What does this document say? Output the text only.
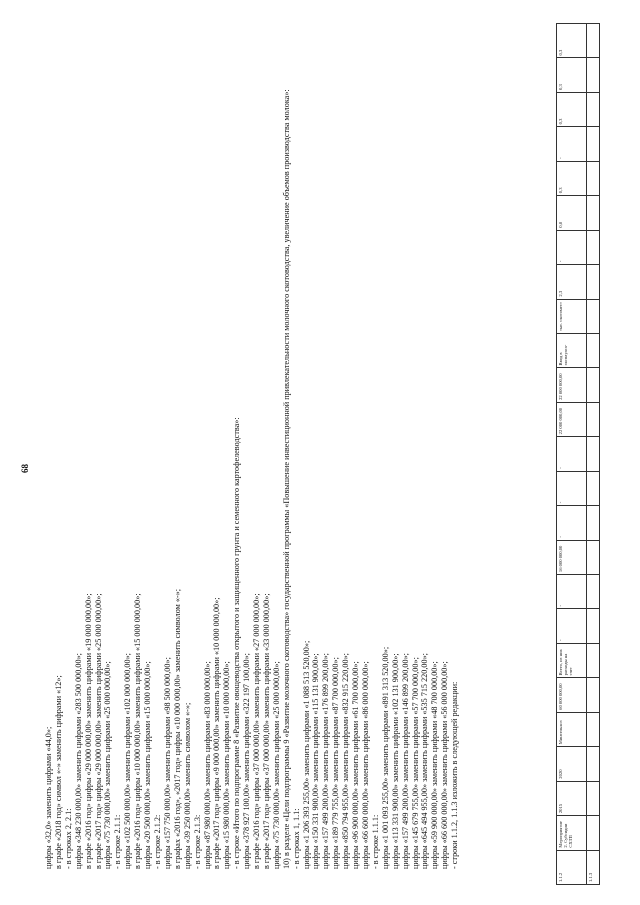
68
цифры «32,0» заменить цифрами «44,0»; в графе «2018 год» символ «-» заменить цифрами «12»; - в строках 2, 2.1: цифры «348 230 000,00» заменить цифрами «283 500 000,00»; в графе «2016 год» цифры «29 000 000,00» заменить цифрами «19 000 000,00»; в графе «2017 год» цифры «29 000 000,00» заменить цифрами «25 000 000,00»; цифры «75 730 000,00» заменить цифрами «25 000 000,00»; - в строке 2.1.1: цифры «102 500 000,00» заменить цифрами «102 000 000,00»; в графе «2016 год» цифры «10 000 000,00» заменить цифрами «15 000 000,00»; цифры «20 500 000,00» заменить цифрами «15 000 000,00»; - в строке 2.1.2: цифры «157 750 000,00» заменить цифрами «98 500 000,00»; в графах «2016 год», «2017 год» цифры «10 000 000,00» заменить символом «-»; цифры «39 250 000,00» заменить символом «-»; - в строке 2.1.3: цифры «87 980 000,00» заменить цифрами «83 000 000,00»; в графе «2017 год» цифры «9 000 000,00» заменить цифрами «10 000 000,00»; цифры «15 980 000,00» заменить цифрами «10 000 000,00»; - в строке «Итого по подпрограмме 8 «Развитие овощеводства открытого и защищенного грунта и семенного картофелеводства»: цифры «378 927 100,00» заменить цифрами «322 197 100,00»; в графе «2016 год» цифры «37 000 000,00» заменить цифрами «27 000 000,00»; в графе «2017 год» цифры «37 000 000,00» заменить цифрами «33 000 000,00»; цифры «75 730 000,00» заменить цифрами «25 000 000,00»; 10) в разделе «Цели подпрограммы 9 «Развитие молочного скотоводства» государственной программы «Повышение инвестиционной привлекательности молочного скотоводства, увеличение объемов производства молока»: - в строках 1, 1.1: цифры «1 206 393 255,00» заменить цифрами «1 088 513 520,00»; цифры «150 331 900,00» заменить цифрами «115 131 900,00»; цифры «157 499 200,00» заменить цифрами «176 899 200,00»; цифры «189 779 755,00» заменить цифрами «87 700 000,00»; цифры «850 794 955,00» заменить цифрами «832 915 220,00»; цифры «96 900 000,00» заменить цифрами «61 700 000,00»; цифры «66 600 000,00» заменить цифрами «86 000 000,00»; - в строке 1.1.1: цифры «1 001 093 255,00» заменить цифрами «891 313 520,00»; цифры «113 331 900,00» заменить цифрами «102 131 900,00»; цифры «157 499 200,00» заменить цифрами «146 899 200,00»; цифры «145 679 755,00» заменить цифрами «57 700 000,00»; цифры «645 494 955,00» заменить цифрами «535 715 220,00»; цифры «59 900 000,00» заменить цифрами «48 700 000,00»; цифры «66 600 000,00» заменить цифрами «56 000 000,00»; - строки 1.1.2, 1.1.3 изложить в следующей редакции:
1.1.2	Мероприятие 2. Субсидии СХТП	2015	2020	Минсельхоз	60 000 000,00	Всего, из них расходы на счет	-	-	16 000 000,00	-	-	-	22 000 000,00	22 000 000,00	Ввод в эксплуата-	тыс. скотомест	2,3	-	0,8	0,3	-	0,3	0,3	0,3
1.1.3																								
